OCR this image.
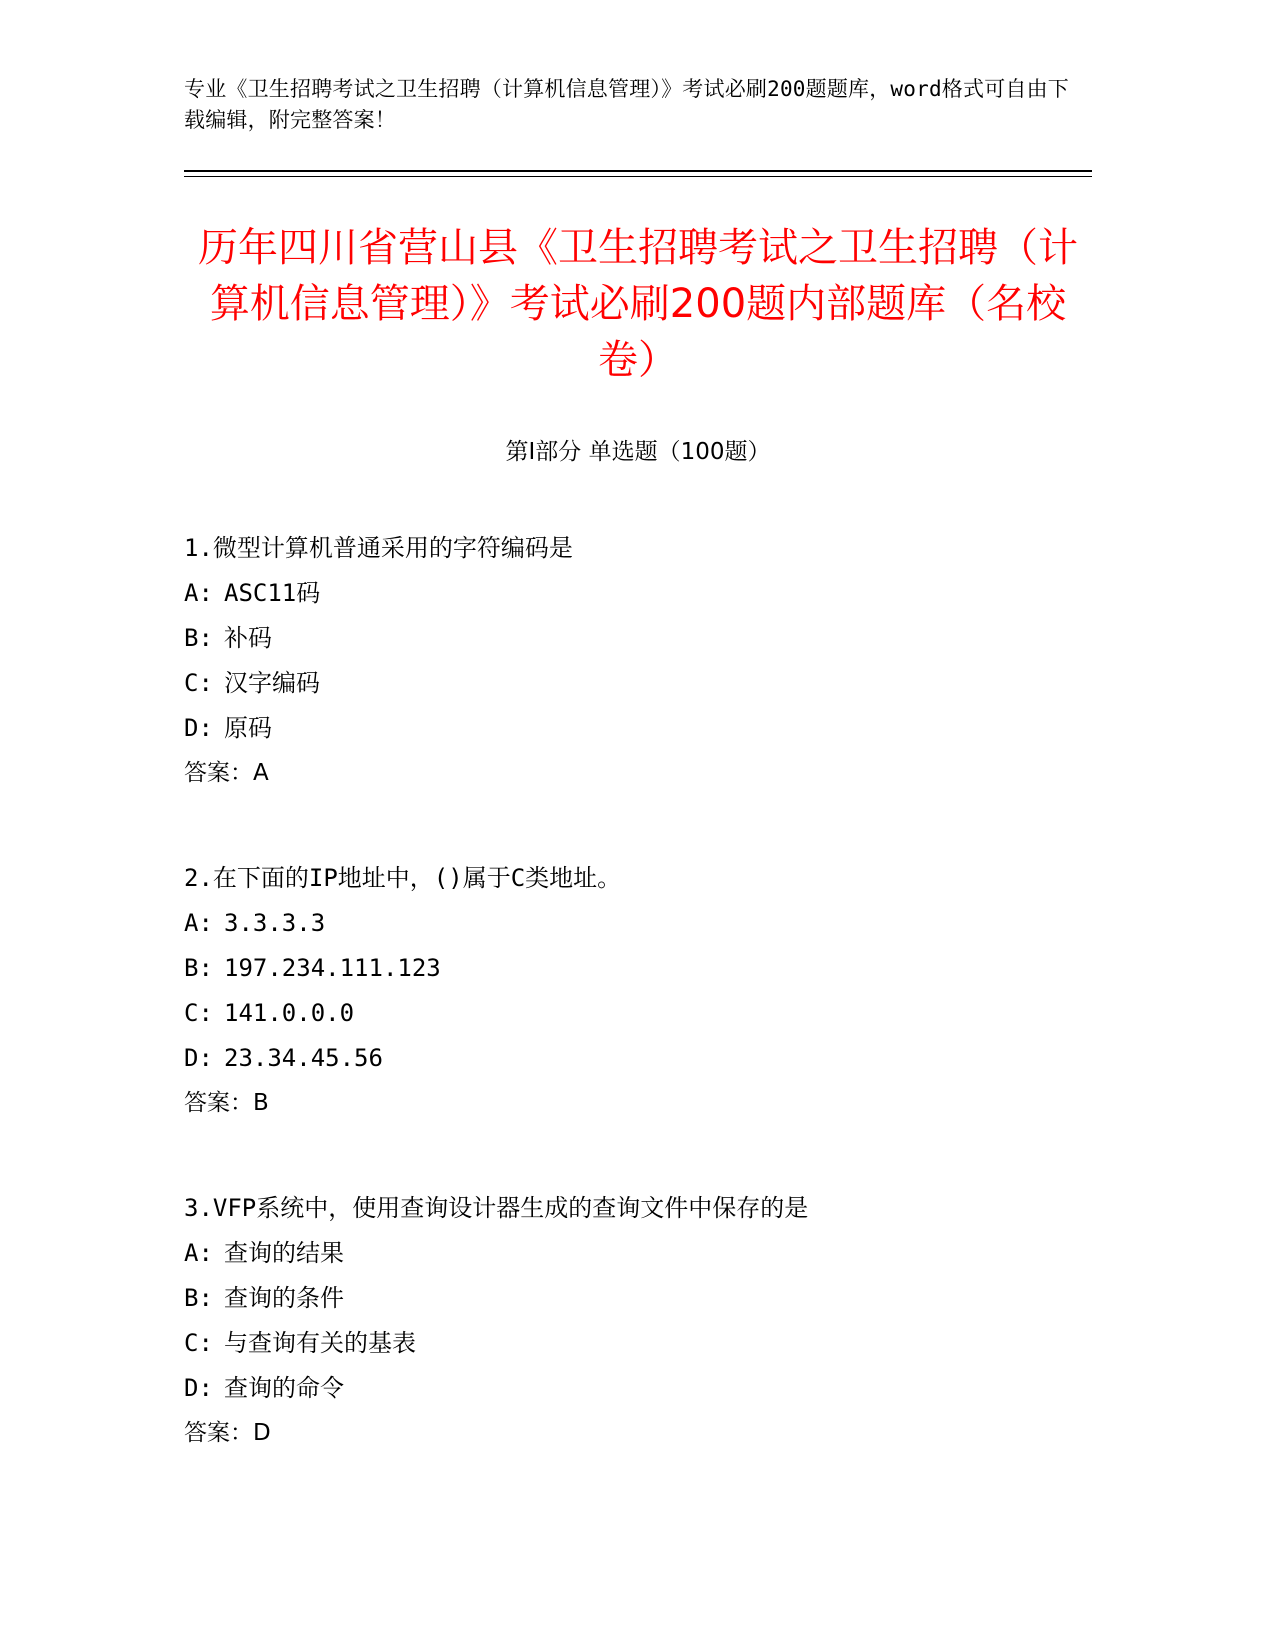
专业《卫生招聘考试之卫生招聘（计算机信息管理）》考试必刷200题题库，word格式可自由下载编辑，附完整答案！
历年四川省营山县《卫生招聘考试之卫生招聘（计算机信息管理）》考试必刷200题内部题库（名校卷）
第Ⅰ部分 单选题（100题）
1.微型计算机普通采用的字符编码是
A: ASC11码
B: 补码
C: 汉字编码
D: 原码
答案：A
2.在下面的IP地址中，()属于C类地址。
A: 3.3.3.3
B: 197.234.111.123
C: 141.0.0.0
D: 23.34.45.56
答案：B
3.VFP系统中，使用查询设计器生成的查询文件中保存的是
A: 查询的结果
B: 查询的条件
C: 与查询有关的基表
D: 查询的命令
答案：D
